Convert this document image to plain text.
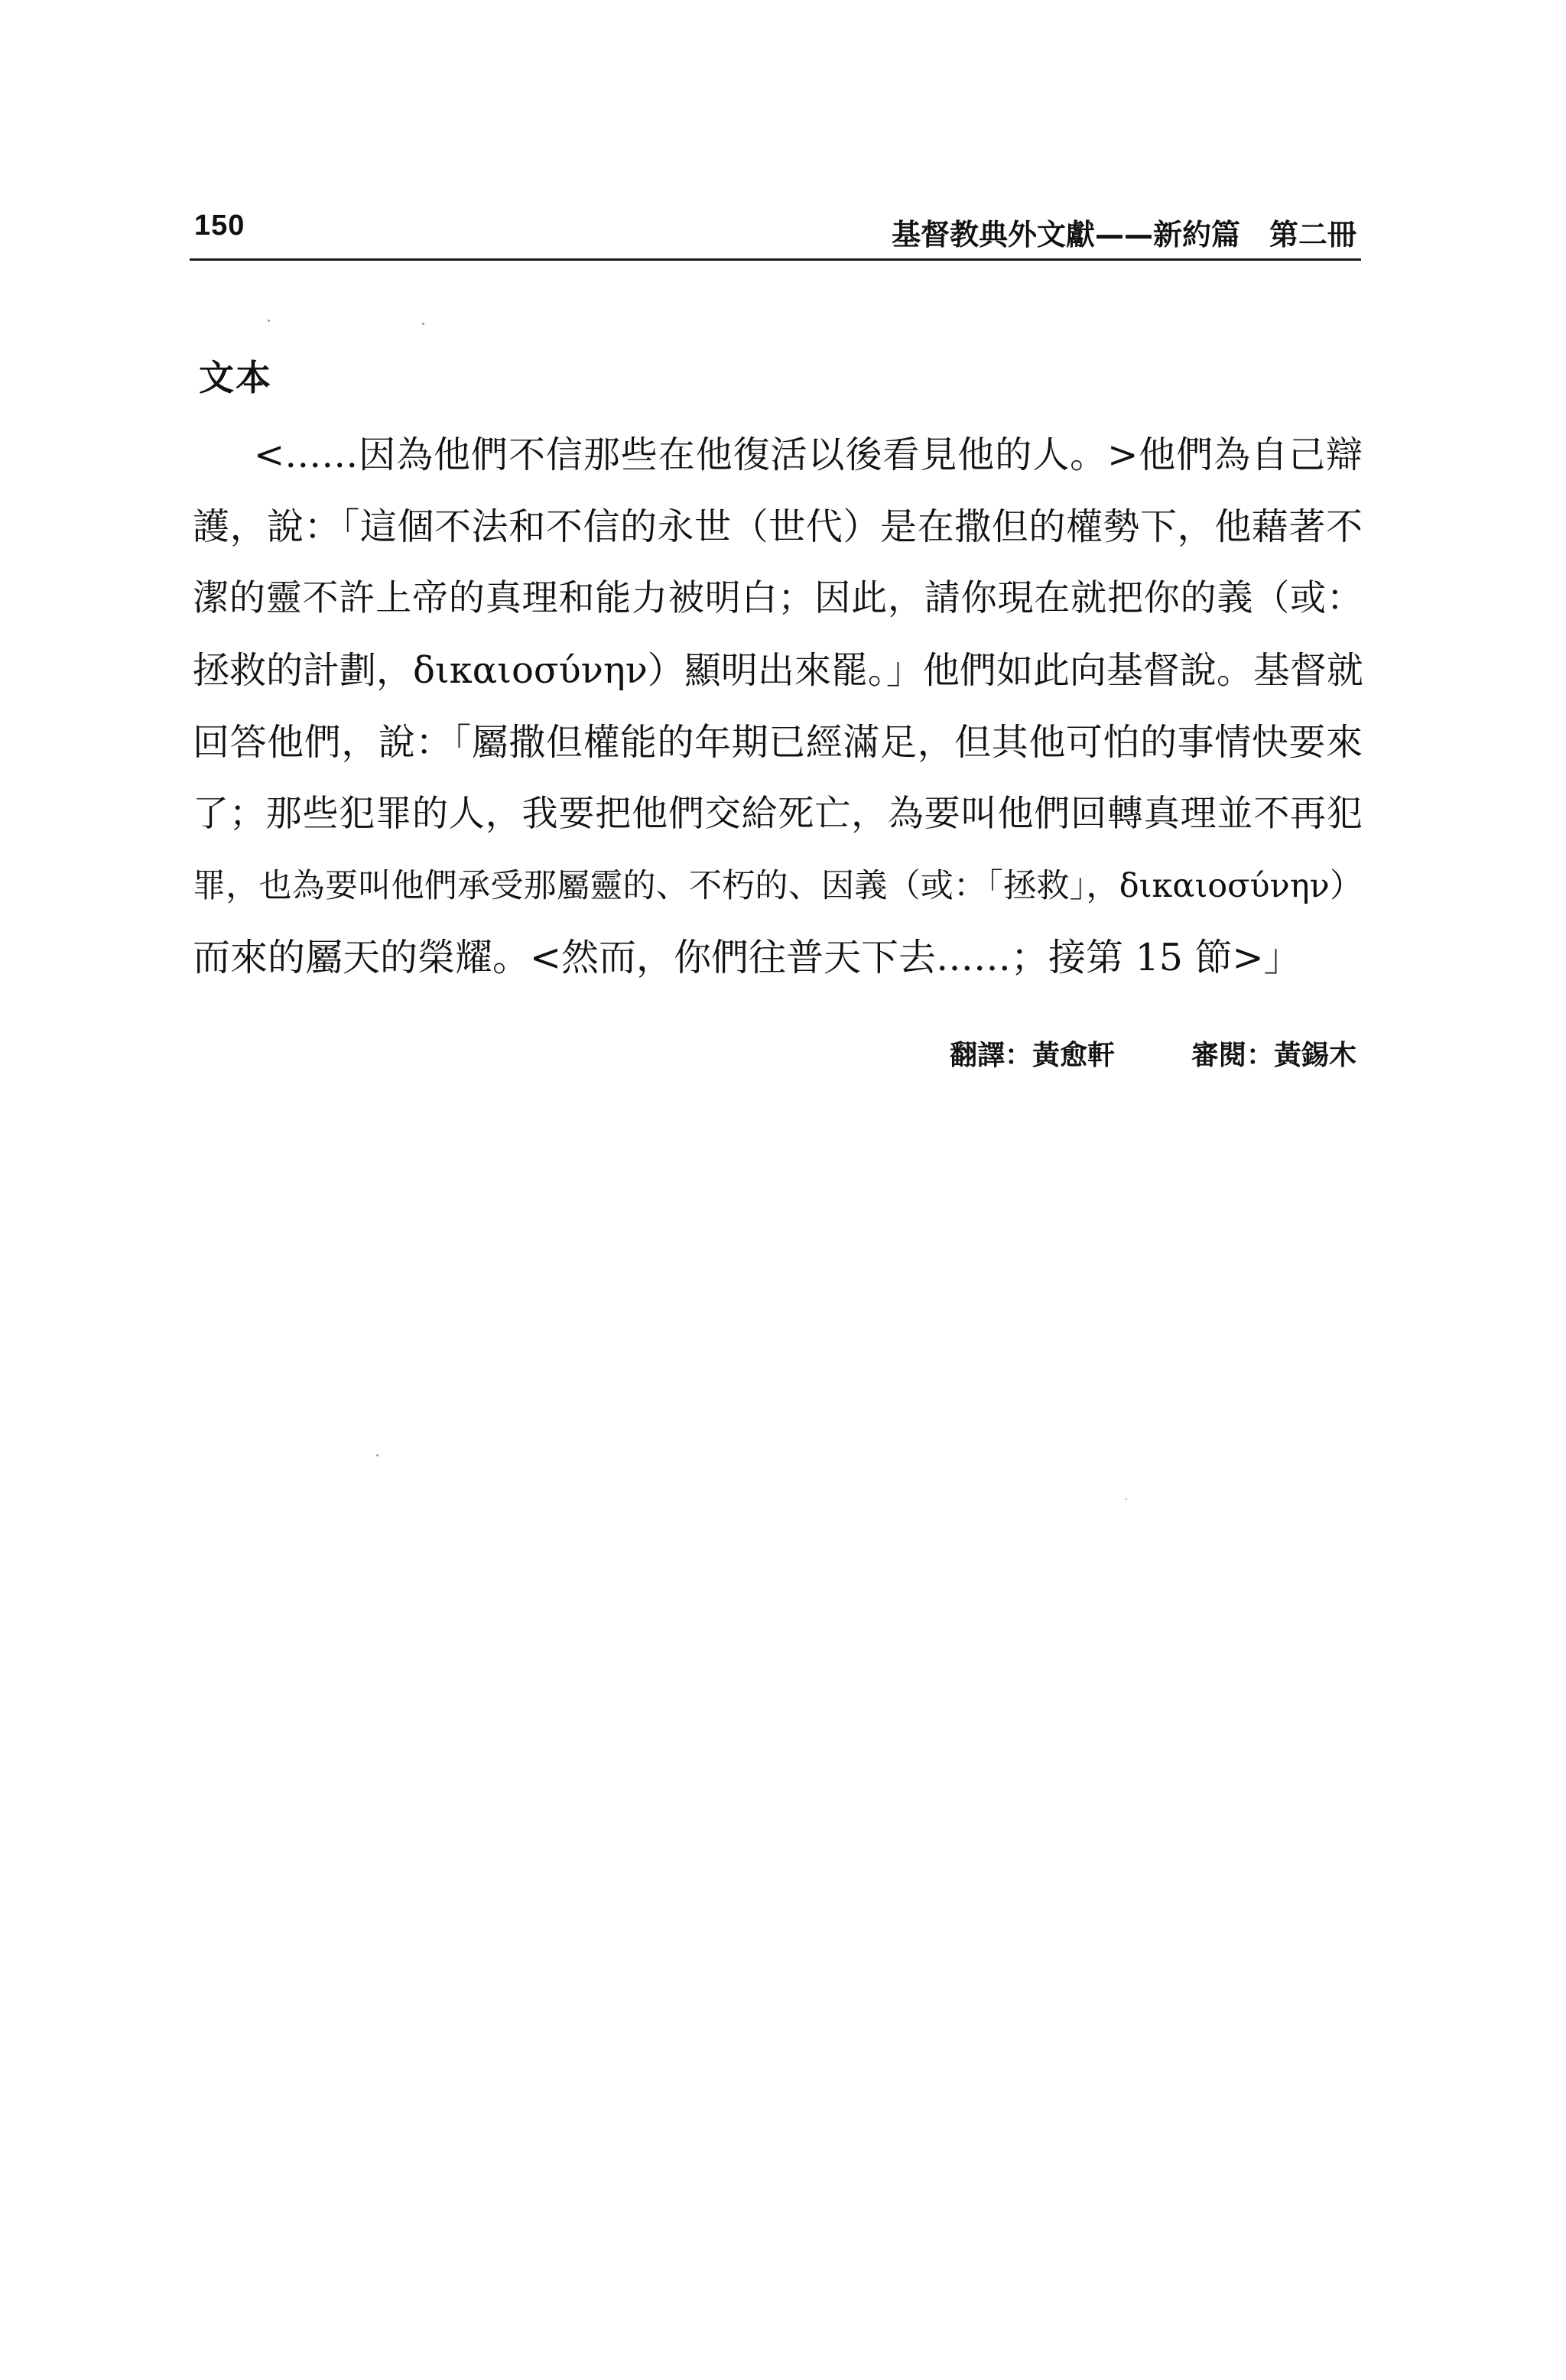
150	基督教典外文獻——新約篇　第二冊
文本
<……因為他們不信那些在他復活以後看見他的人。>他們為自己辯
護，說：「這個不法和不信的永世（世代）是在撒但的權勢下，他藉著不
潔的靈不許上帝的真理和能力被明白；因此，請你現在就把你的義（或：
拯救的計劃，δικαιοσύνην）顯明出來罷。」他們如此向基督說。基督就
回答他們，說：「屬撒但權能的年期已經滿足，但其他可怕的事情快要來
了；那些犯罪的人，我要把他們交給死亡，為要叫他們回轉真理並不再犯
罪，也為要叫他們承受那屬靈的、不朽的、因義（或：「拯救」，δικαιοσύνην）
而來的屬天的榮耀。<然而，你們往普天下去……；接第 15 節>」
翻譯：黃愈軒	審閱：黃錫木
